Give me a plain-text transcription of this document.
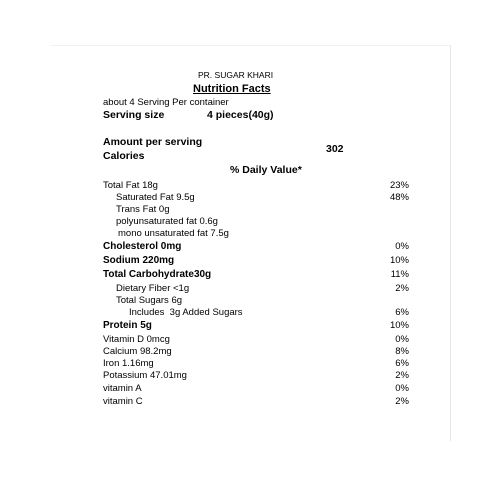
PR. SUGAR KHARI
Nutrition Facts
about 4 Serving Per container
Serving size	4 pieces(40g)
Amount per serving
Calories
302
% Daily Value*
Total Fat 18g	23%
Saturated Fat 9.5g	48%
Trans Fat 0g
polyunsaturated fat 0.6g
mono unsaturated fat 7.5g
Cholesterol 0mg	0%
Sodium 220mg	10%
Total Carbohydrate30g	11%
Dietary Fiber <1g	2%
Total Sugars 6g
Includes  3g Added Sugars	6%
Protein 5g	10%
Vitamin D 0mcg	0%
Calcium 98.2mg	8%
Iron 1.16mg	6%
Potassium 47.01mg	2%
vitamin A	0%
vitamin C	2%
